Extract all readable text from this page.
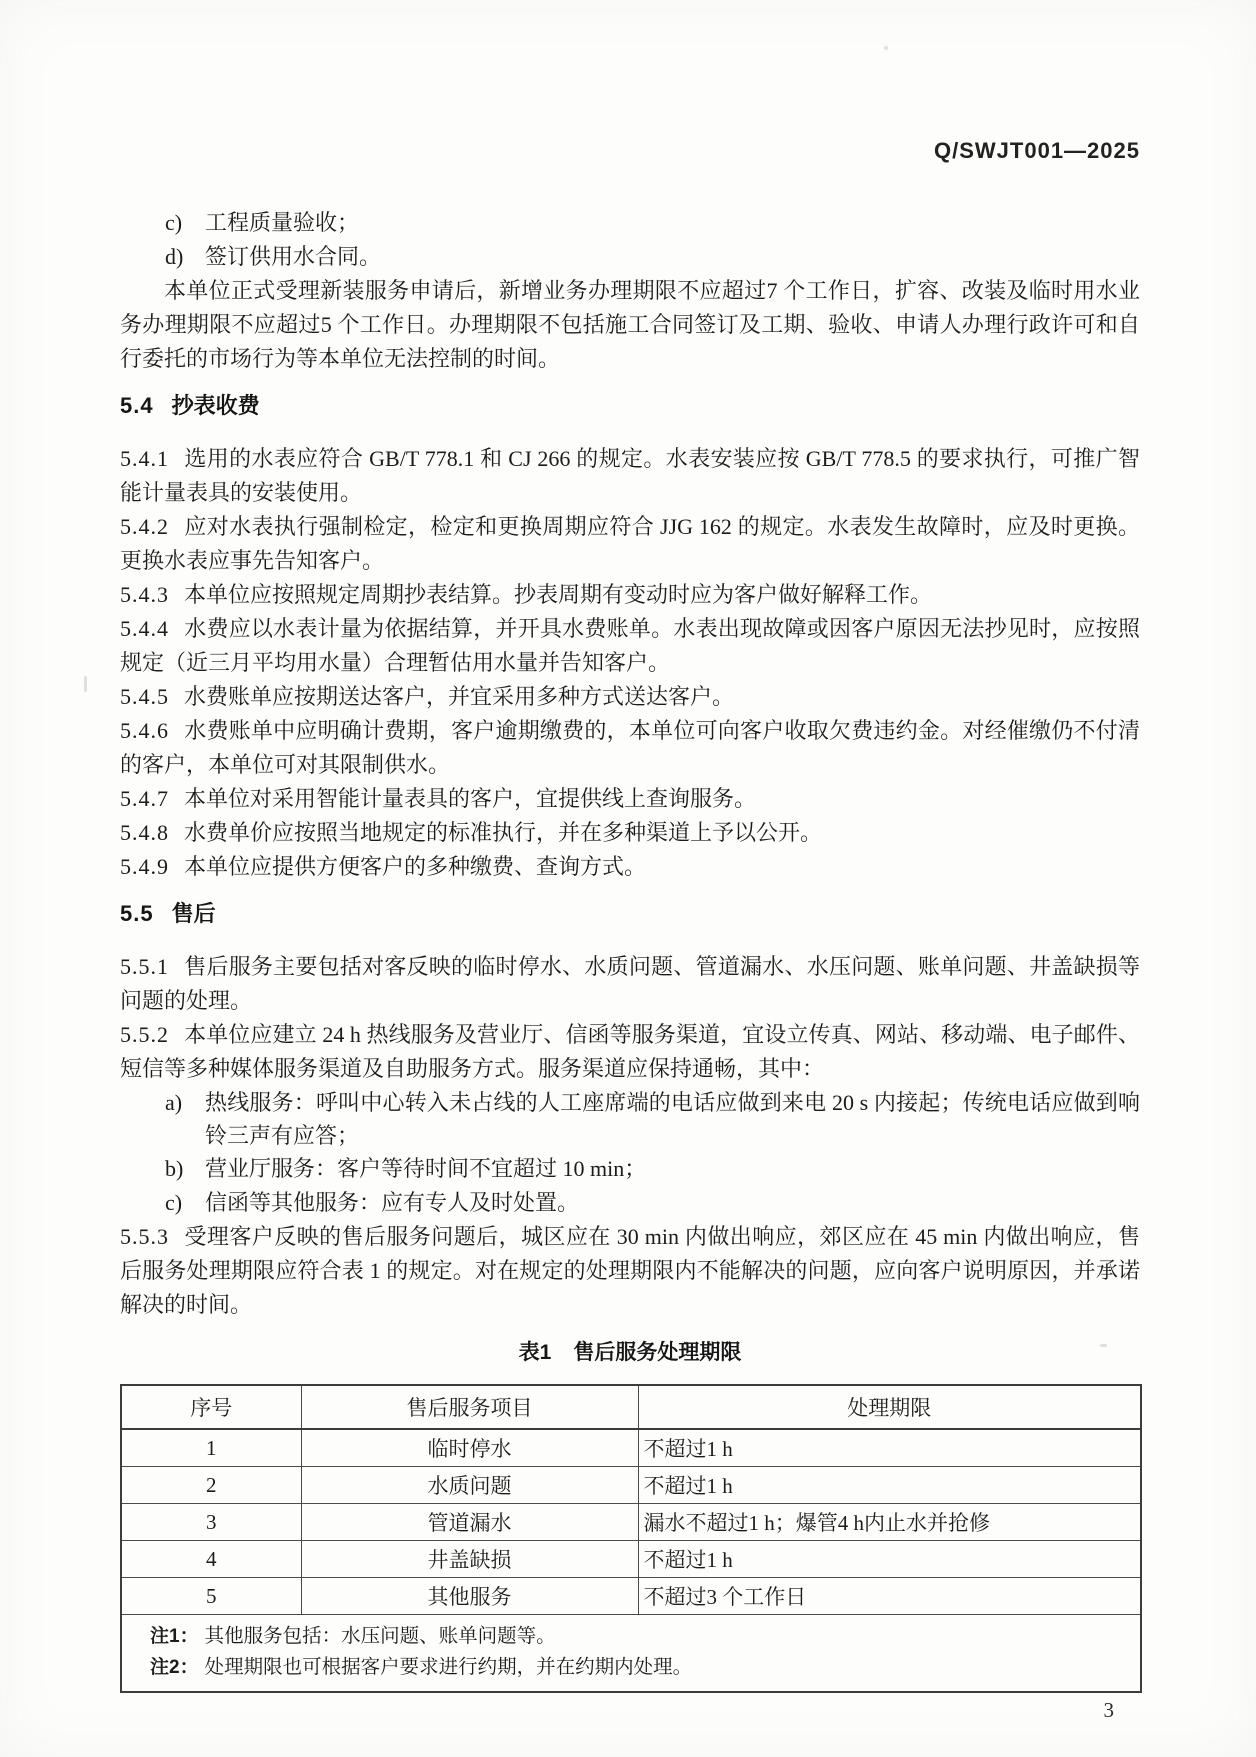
Q/SWJT001—2025
c) 工程质量验收；
d) 签订供用水合同。

本单位正式受理新装服务申请后，新增业务办理期限不应超过7 个工作日，扩容、改装及临时用水业务办理期限不应超过5 个工作日。办理期限不包括施工合同签订及工期、验收、申请人办理行政许可和自行委托的市场行为等本单位无法控制的时间。

5.4 抄表收费

5.4.1 选用的水表应符合 GB/T 778.1 和 CJ 266 的规定。水表安装应按 GB/T 778.5 的要求执行，可推广智能计量表具的安装使用。

5.4.2 应对水表执行强制检定，检定和更换周期应符合 JJG 162 的规定。水表发生故障时，应及时更换。更换水表应事先告知客户。

5.4.3 本单位应按照规定周期抄表结算。抄表周期有变动时应为客户做好解释工作。

5.4.4 水费应以水表计量为依据结算，并开具水费账单。水表出现故障或因客户原因无法抄见时，应按照规定（近三月平均用水量）合理暂估用水量并告知客户。

5.4.5 水费账单应按期送达客户，并宜采用多种方式送达客户。

5.4.6 水费账单中应明确计费期，客户逾期缴费的，本单位可向客户收取欠费违约金。对经催缴仍不付清的客户，本单位可对其限制供水。

5.4.7 本单位对采用智能计量表具的客户，宜提供线上查询服务。

5.4.8 水费单价应按照当地规定的标准执行，并在多种渠道上予以公开。

5.4.9 本单位应提供方便客户的多种缴费、查询方式。

5.5 售后

5.5.1 售后服务主要包括对客反映的临时停水、水质问题、管道漏水、水压问题、账单问题、井盖缺损等问题的处理。

5.5.2 本单位应建立 24 h 热线服务及营业厅、信函等服务渠道，宜设立传真、网站、移动端、电子邮件、短信等多种媒体服务渠道及自助服务方式。服务渠道应保持通畅，其中：

a) 热线服务：呼叫中心转入未占线的人工座席端的电话应做到来电 20 s 内接起；传统电话应做到响铃三声有应答；
b) 营业厅服务：客户等待时间不宜超过 10 min；
c) 信函等其他服务：应有专人及时处置。

5.5.3 受理客户反映的售后服务问题后，城区应在 30 min 内做出响应，郊区应在 45 min 内做出响应，售后服务处理期限应符合表 1 的规定。对在规定的处理期限内不能解决的问题，应向客户说明原因，并承诺解决的时间。

表1 售后服务处理期限
序号	售后服务项目	处理期限
1	临时停水	不超过1 h
2	水质问题	不超过1 h
3	管道漏水	漏水不超过1 h；爆管4 h内止水并抢修
4	井盖缺损	不超过1 h
5	其他服务	不超过3 个工作日

注1： 其他服务包括：水压问题、账单问题等。
注2： 处理期限也可根据客户要求进行约期，并在约期内处理。		
3
